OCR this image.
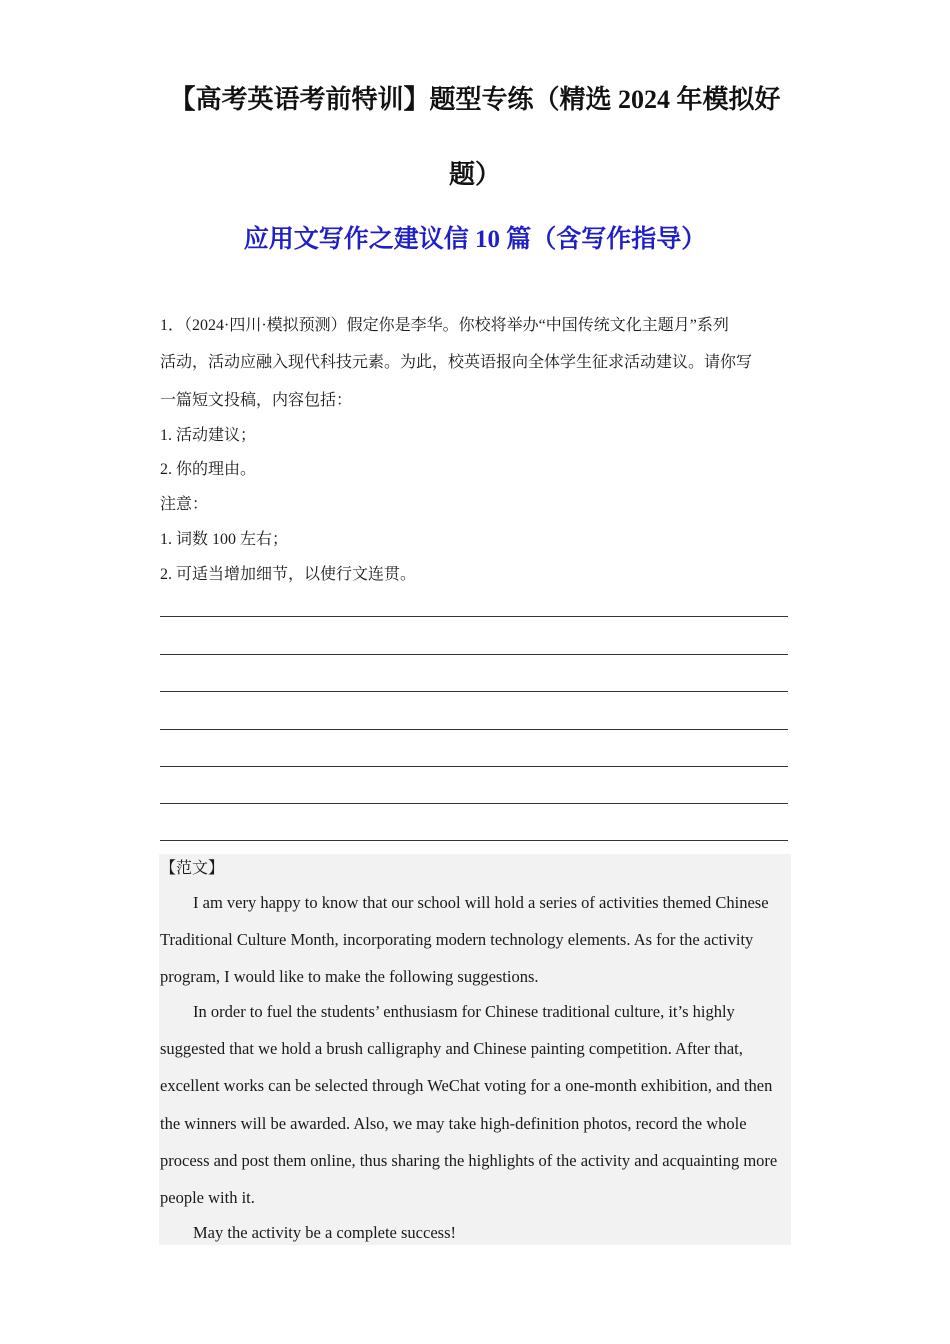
【高考英语考前特训】题型专练（精选 2024 年模拟好
题）
应用文写作之建议信 10 篇（含写作指导）
1．（2024·四川·模拟预测）假定你是李华。你校将举办“中国传统文化主题月”系列
活动，活动应融入现代科技元素。为此，校英语报向全体学生征求活动建议。请你写
一篇短文投稿，内容包括：
1. 活动建议；
2. 你的理由。
注意：
1. 词数 100 左右；
2. 可适当增加细节，以使行文连贯。
【范文】
I am very happy to know that our school will hold a series of activities themed Chinese
Traditional Culture Month, incorporating modern technology elements. As for the activity
program, I would like to make the following suggestions.
In order to fuel the students’ enthusiasm for Chinese traditional culture, it’s highly
suggested that we hold a brush calligraphy and Chinese painting competition. After that,
excellent works can be selected through WeChat voting for a one-month exhibition, and then
the winners will be awarded. Also, we may take high-definition photos, record the whole
process and post them online, thus sharing the highlights of the activity and acquainting more
people with it.
May the activity be a complete success!
